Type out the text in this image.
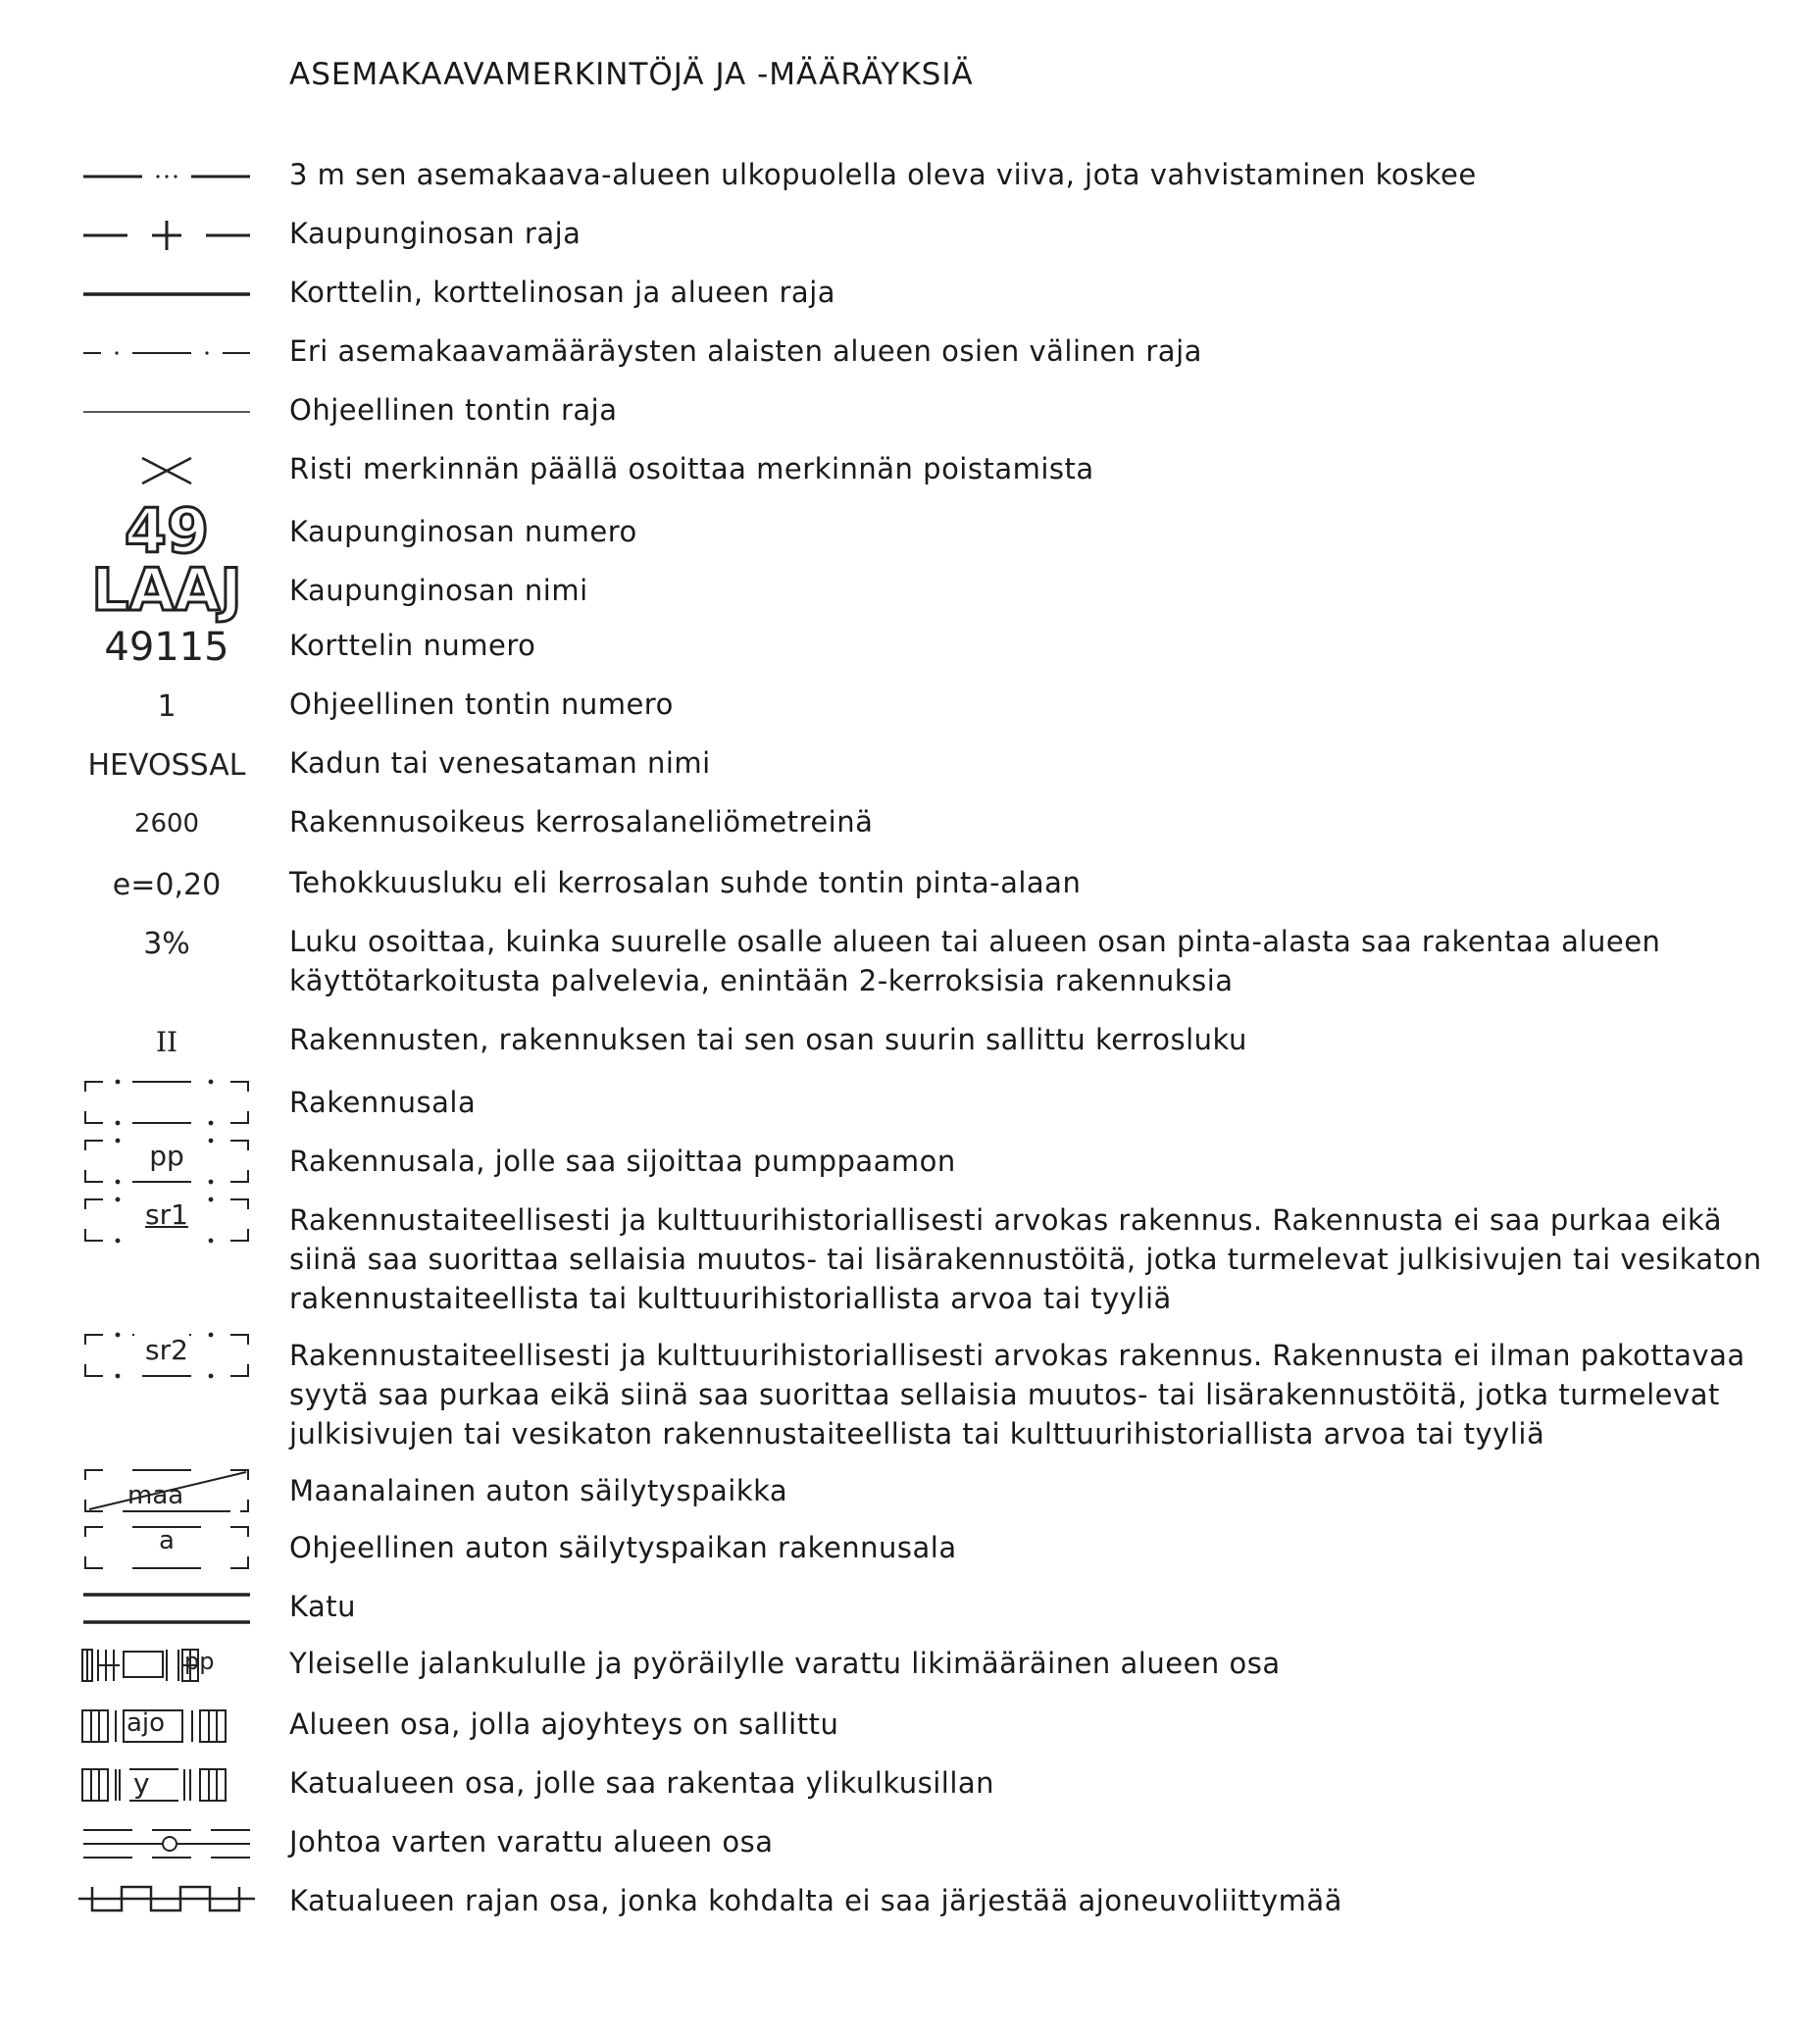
ASEMAKAAVAMERKINTÖJÄ JA -MÄÄRÄYKSIÄ
3 m sen asemakaava-alueen ulkopuolella oleva viiva, jota vahvistaminen koskee
Kaupunginosan raja
Korttelin, korttelinosan ja alueen raja
Eri asemakaavamääräysten alaisten alueen osien välinen raja
Ohjeellinen tontin raja
Risti merkinnän päällä osoittaa merkinnän poistamista
49	Kaupunginosan numero
LAAJ Kaupunginosan nimi
49115 Korttelin numero
1	Ohjeellinen tontin numero
HEVOSSAL Kadun tai venesataman nimi
2600	Rakennusoikeus kerrosalaneliömetreinä
e=0,20 Tehokkuusluku eli kerrosalan suhde tontin pinta-alaan
3%	Luku osoittaa, kuinka suurelle osalle alueen tai alueen osan pinta-alasta saa rakentaa alueen käyttötarkoitusta palvelevia, enintään 2-kerroksisia rakennuksia
II	Rakennusten, rakennuksen tai sen osan suurin sallittu kerrosluku
Rakennusala
pp	Rakennusala, jolle saa sijoittaa pumppaamon
sr1	Rakennustaiteellisesti ja kulttuurihistoriallisesti arvokas rakennus. Rakennusta ei saa purkaa eikä siinä saa suorittaa sellaisia muutos- tai lisärakennustöitä, jotka turmelevat julkisivujen tai vesikaton rakennustaiteellista tai kulttuurihistoriallista arvoa tai tyyliä
sr2	Rakennustaiteellisesti ja kulttuurihistoriallisesti arvokas rakennus. Rakennusta ei ilman pakottavaa syytä saa purkaa eikä siinä saa suorittaa sellaisia muutos- tai lisärakennustöitä, jotka turmelevat julkisivujen tai vesikaton rakennustaiteellista tai kulttuurihistoriallista arvoa tai tyyliä
maa	Maanalainen auton säilytyspaikka
a	Ohjeellinen auton säilytyspaikan rakennusala
Katu
pp	Yleiselle jalankululle ja pyöräilylle varattu likimääräinen alueen osa
ajo	Alueen osa, jolla ajoyhteys on sallittu
y	Katualueen osa, jolle saa rakentaa ylikulkusillan
Johtoa varten varattu alueen osa
Katualueen rajan osa, jonka kohdalta ei saa järjestää ajoneuvoliittymää
